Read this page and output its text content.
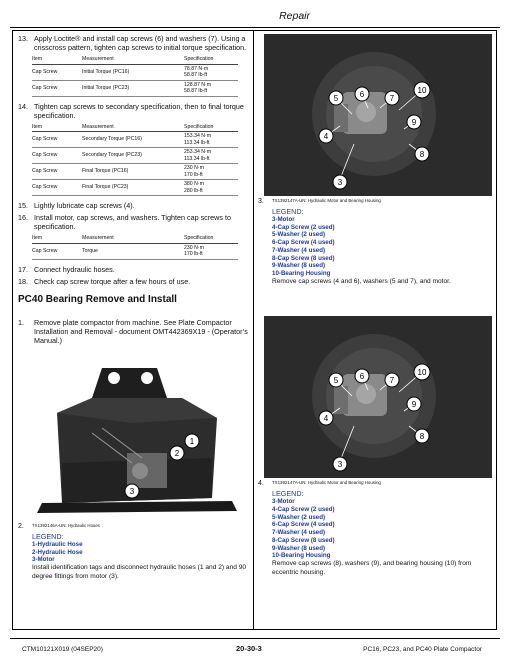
Repair
13. Apply Loctite® and install cap screws (6) and washers (7). Using a crisscross pattern, tighten cap screws to initial torque specification.
Item	Measurement	Specification
Cap Screw	Initial Torque (PC16)	78.87 N·m
58.87 lb-ft

Cap Screw	Initial Torque (PC23)	128.87 N·m
58.87 lb-ft
14. Tighten cap screws to secondary specification, then to final torque specification.
Item	Measurement	Specification
Cap Screw	Secondary Torque (PC16)	153.34 N·m
113.34 lb-ft

Cap Screw	Secondary Torque (PC23)	253.34 N·m
113.34 lb-ft

Cap Screw	Final Torque (PC16)	230 N·m
170 lb-ft

Cap Screw	Final Torque (PC23)	380 N·m
280 lb-ft
15. Lightly lubricate cap screws (4).
16. Install motor, cap screws, and washers. Tighten cap screws to specification.
Item	Measurement	Specification
Cap Screw	Torque	230 N·m
170 lb-ft
17. Connect hydraulic hoses.
18. Check cap screw torque after a few hours of use.
PC40 Bearing Remove and Install
1.	Remove plate compactor from machine. See Plate Compactor Installation and Removal - document OMT442369X19 - (Operator’s Manual.)
1
2
3
2.	TX1392146A-UN: Hydraulic Hoses
LEGEND:
1-Hydraulic Hose
2-Hydraulic Hose
3-Motor
Install identification tags and disconnect hydraulic hoses (1 and 2) and 90 degree fittings from motor (3).
3
4
5	6	7
8
9
10
3.	TX1392147A-UN: Hydraulic Motor and Bearing Housing
LEGEND:
3-Motor
4-Cap Screw (2 used)
5-Washer (2 used)
6-Cap Screw (4 used)
7-Washer (4 used)
8-Cap Screw (8 used)
9-Washer (8 used)
10-Bearing Housing
Remove cap screws (4 and 6), washers (5 and 7), and motor.
3
4
5	6	7
8
9
10
4.	TX1392147A-UN: Hydraulic Motor and Bearing Housing
LEGEND:
3-Motor
4-Cap Screw (2 used)
5-Washer (2 used)
6-Cap Screw (4 used)
7-Washer (4 used)
8-Cap Screw (8 used)
9-Washer (8 used)
10-Bearing Housing
Remove cap screws (8), washers (9), and bearing housing (10) from eccentric housing.
CTM10121X019 (04SEP20)	20-30-3	PC16, PC23, and PC40 Plate Compactor
